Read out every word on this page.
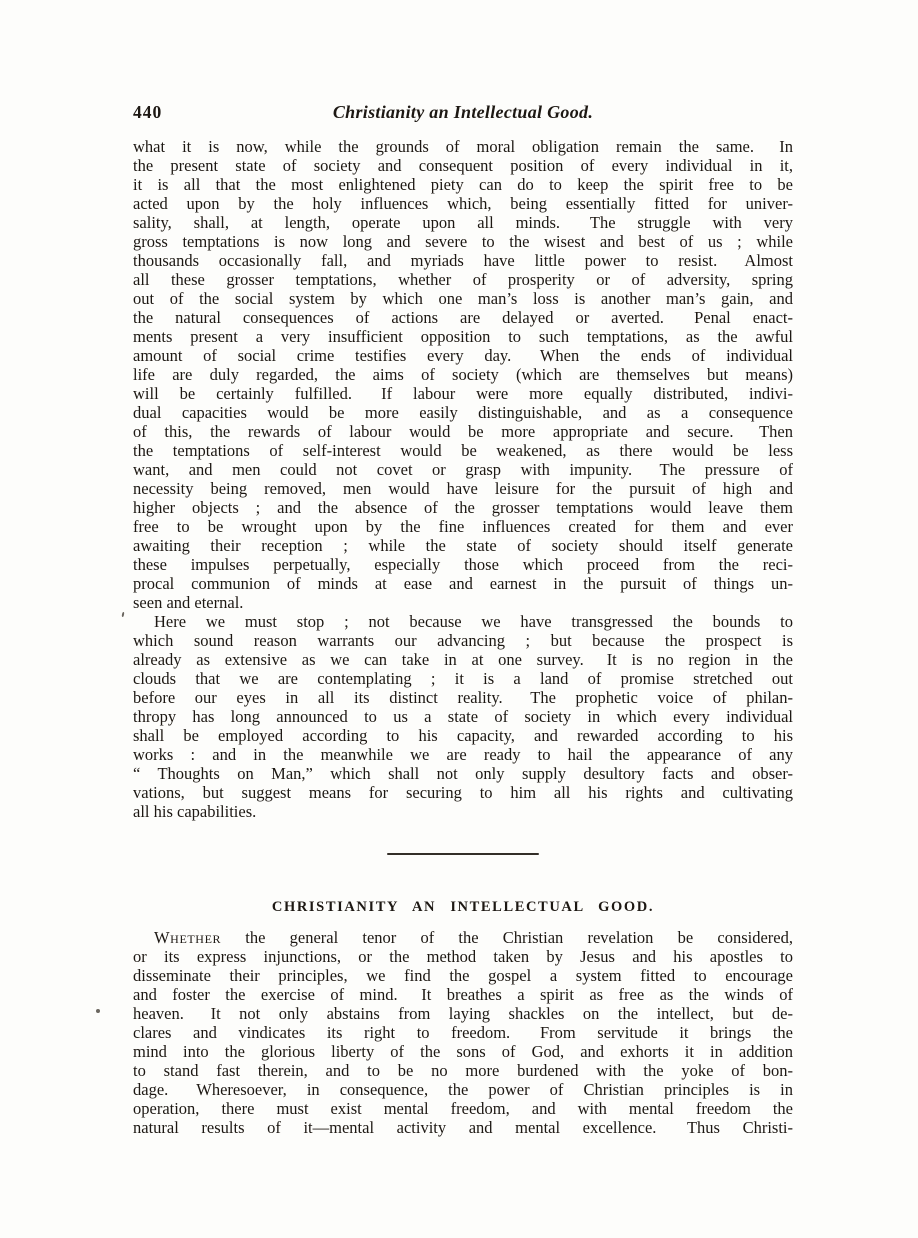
440	Christianity an Intellectual Good.
what it is now, while the grounds of moral obligation remain the same.  In
the present state of society and consequent position of every individual in it,
it is all that the most enlightened piety can do to keep the spirit free to be
acted upon by the holy influences which, being essentially fitted for univer-
sality, shall, at length, operate upon all minds.  The struggle with very
gross temptations is now long and severe to the wisest and best of us ; while
thousands occasionally fall, and myriads have little power to resist.  Almost
all these grosser temptations, whether of prosperity or of adversity, spring
out of the social system by which one man’s loss is another man’s gain, and
the natural consequences of actions are delayed or averted.  Penal enact-
ments present a very insufficient opposition to such temptations, as the awful
amount of social crime testifies every day.  When the ends of individual
life are duly regarded, the aims of society (which are themselves but means)
will be certainly fulfilled.  If labour were more equally distributed, indivi-
dual capacities would be more easily distinguishable, and as a consequence
of this, the rewards of labour would be more appropriate and secure.  Then
the temptations of self-interest would be weakened, as there would be less
want, and men could not covet or grasp with impunity.  The pressure of
necessity being removed, men would have leisure for the pursuit of high and
higher objects ; and the absence of the grosser temptations would leave them
free to be wrought upon by the fine influences created for them and ever
awaiting their reception ; while the state of society should itself generate
these impulses perpetually, especially those which proceed from the reci-
procal communion of minds at ease and earnest in the pursuit of things un-
seen and eternal.
Here we must stop ; not because we have transgressed the bounds to
which sound reason warrants our advancing ; but because the prospect is
already as extensive as we can take in at one survey.  It is no region in the
clouds that we are contemplating ; it is a land of promise stretched out
before our eyes in all its distinct reality.  The prophetic voice of philan-
thropy has long announced to us a state of society in which every individual
shall be employed according to his capacity, and rewarded according to his
works : and in the meanwhile we are ready to hail the appearance of any
“ Thoughts on Man,” which shall not only supply desultory facts and obser-
vations, but suggest means for securing to him all his rights and cultivating
all his capabilities.
CHRISTIANITY AN INTELLECTUAL GOOD.
Whether the general tenor of the Christian revelation be considered,
or its express injunctions, or the method taken by Jesus and his apostles to
disseminate their principles, we find the gospel a system fitted to encourage
and foster the exercise of mind.  It breathes a spirit as free as the winds of
heaven.  It not only abstains from laying shackles on the intellect, but de-
clares and vindicates its right to freedom.  From servitude it brings the
mind into the glorious liberty of the sons of God, and exhorts it in addition
to stand fast therein, and to be no more burdened with the yoke of bon-
dage.  Wheresoever, in consequence, the power of Christian principles is in
operation, there must exist mental freedom, and with mental freedom the
natural results of it—mental activity and mental excellence.  Thus Christi-
